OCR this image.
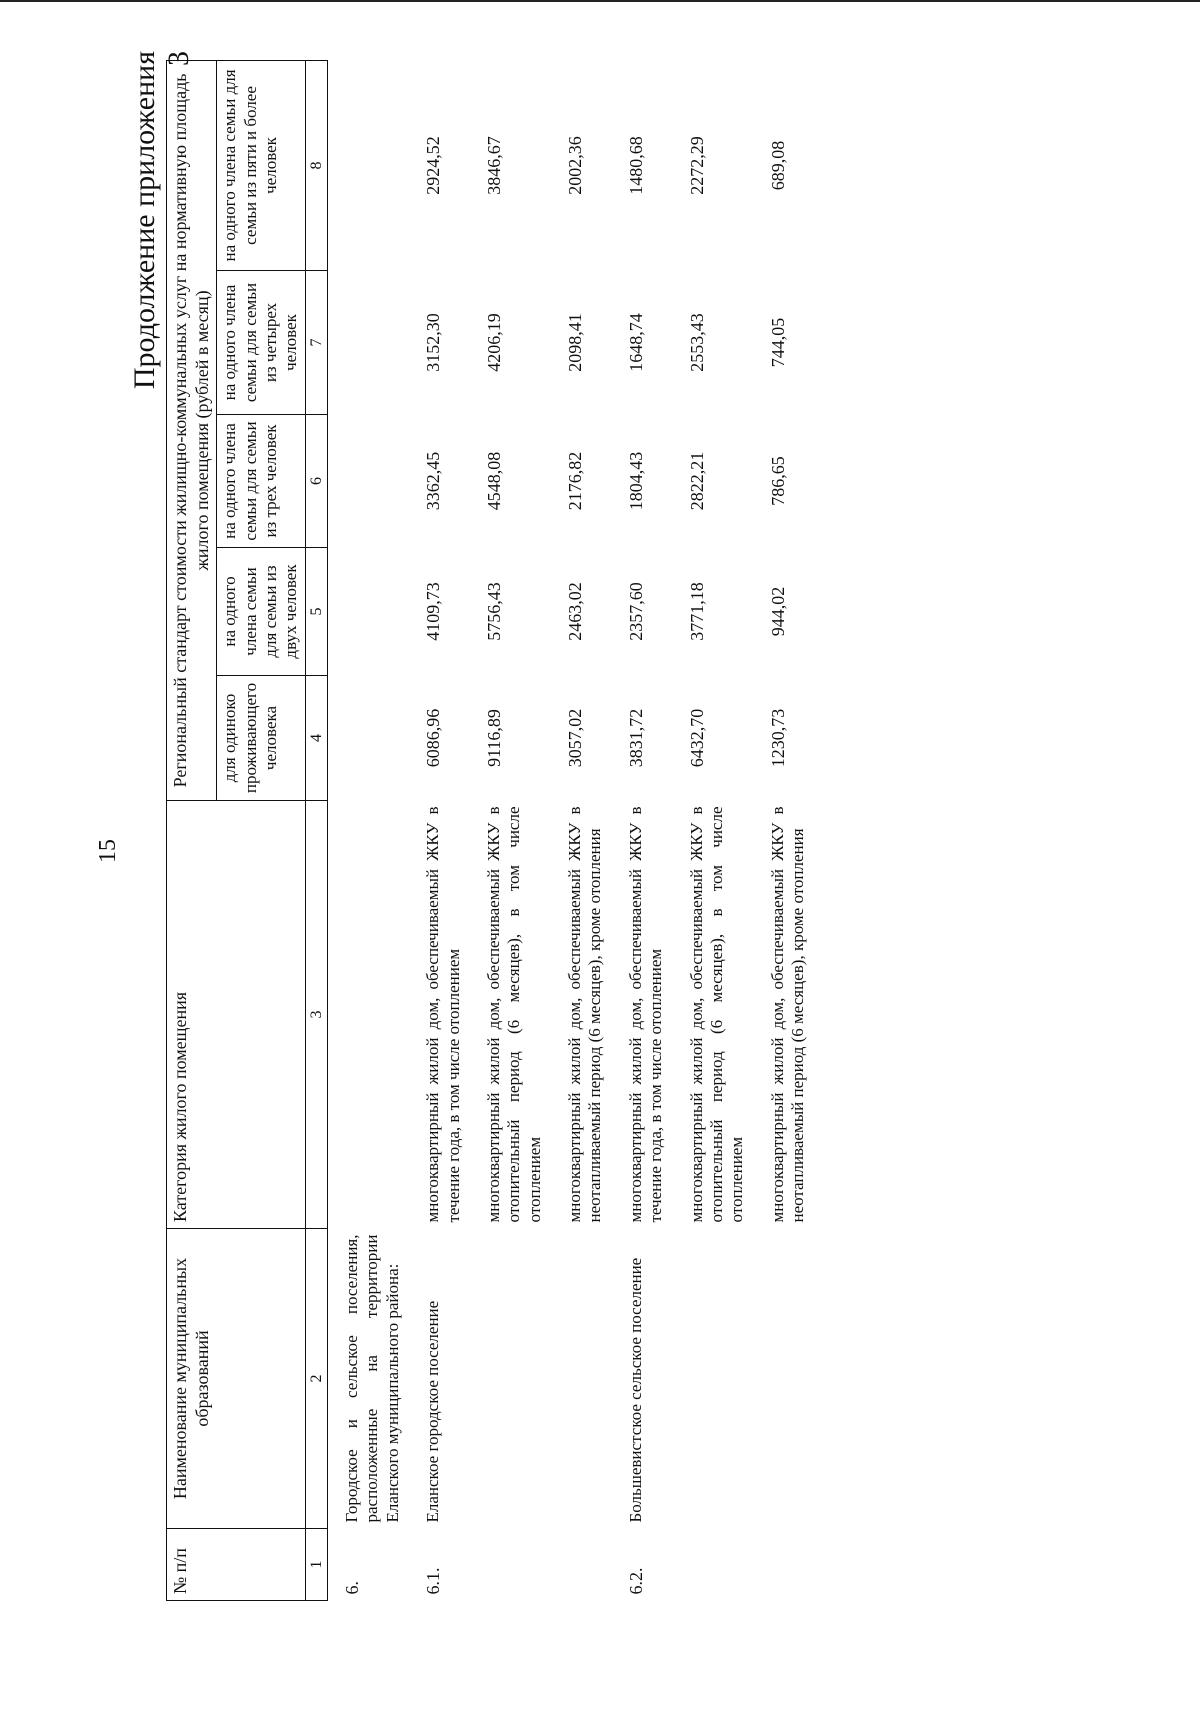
15
Продолжение приложения 3
№ п/п	Наименование муниципальных образований	Категория жилого помещения	Региональный стандарт стоимости жилищно-коммунальных услуг на нормативную площадь жилого помещения (рублей в месяц)				
			для одиноко проживающего человека	на одного члена семьи для семьи из двух человек	на одного члена семьи для семьи из трех человек	на одного члена семьи для семьи из четырех человек	на одного члена семьи для семьи из пяти и более человек
1	2	3	4	5	6	7	8
6.	Городское и сельское поселения, расположенные на территории Еланского муниципального района:						
6.1.	Еланское городское поселение	многоквартирный жилой дом, обеспечиваемый ЖКУ в течение года, в том числе отоплением	6086,96	4109,73	3362,45	3152,30	2924,52
		многоквартирный жилой дом, обеспечиваемый ЖКУ в отопительный период (6 месяцев), в том числе отоплением	9116,89	5756,43	4548,08	4206,19	3846,67
		многоквартирный жилой дом, обеспечиваемый ЖКУ в неотапливаемый период (6 месяцев), кроме отопления	3057,02	2463,02	2176,82	2098,41	2002,36
6.2.	Большевистское сельское поселение	многоквартирный жилой дом, обеспечиваемый ЖКУ в течение года, в том числе отоплением	3831,72	2357,60	1804,43	1648,74	1480,68
		многоквартирный жилой дом, обеспечиваемый ЖКУ в отопительный период (6 месяцев), в том числе отоплением	6432,70	3771,18	2822,21	2553,43	2272,29
		многоквартирный жилой дом, обеспечиваемый ЖКУ в неотапливаемый период (6 месяцев), кроме отопления	1230,73	944,02	786,65	744,05	689,08
